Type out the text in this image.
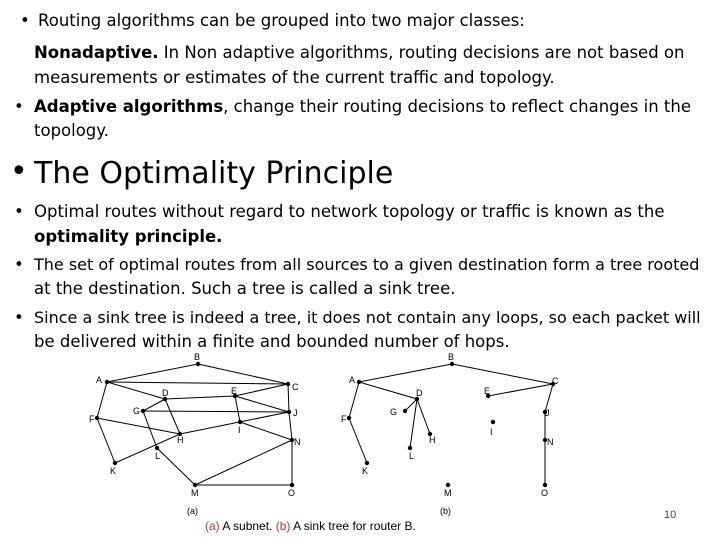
• Routing algorithms can be grouped into two major classes:
Nonadaptive. In Non adaptive algorithms, routing decisions are not based on
measurements or estimates of the current traffic and topology.
• Adaptive algorithms, change their routing decisions to reflect changes in the
topology.
• The Optimality Principle
• Optimal routes without regard to network topology or traffic is known as the
optimality principle.
• The set of optimal routes from all sources to a given destination form a tree rooted
at the destination. Such a tree is called a sink tree.
• Since a sink tree is indeed a tree, it does not contain any loops, so each packet will
be delivered within a finite and bounded number of hops.
A
B
C
D	E
F
G
H
I
J
K
L
M
N
O
(a)
A
B
C
D	E
F
G
H
I
J
K
L
M
N
O
(b)
(a) A subnet. (b) A sink tree for router B.
10
